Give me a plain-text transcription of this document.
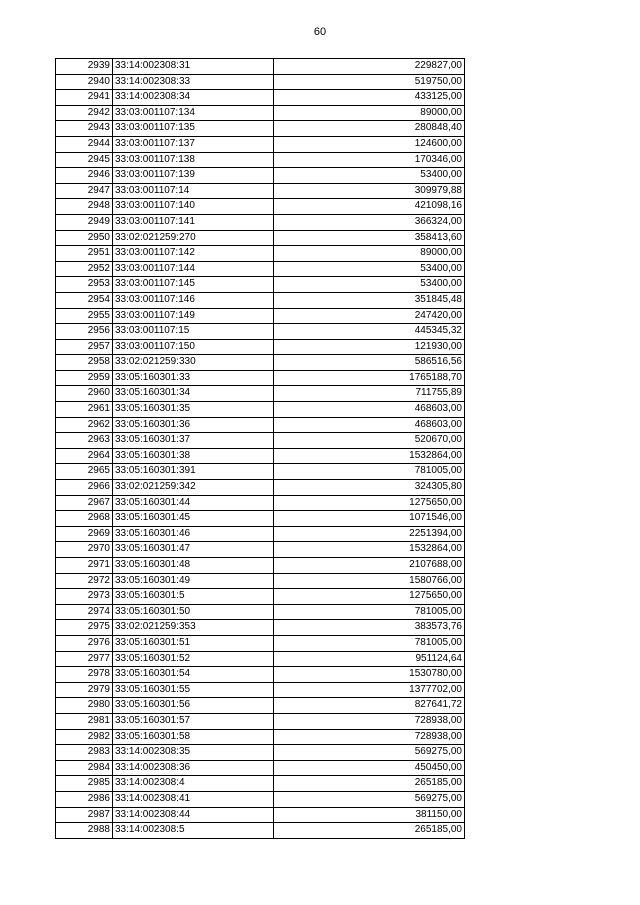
60
2939	33:14:002308:31	229827,00
2940	33:14:002308:33	519750,00
2941	33:14:002308:34	433125,00
2942	33:03:001107:134	89000,00
2943	33:03:001107:135	280848,40
2944	33:03:001107:137	124600,00
2945	33:03:001107:138	170346,00
2946	33:03:001107:139	53400,00
2947	33:03:001107:14	309979,88
2948	33:03:001107:140	421098,16
2949	33:03:001107:141	366324,00
2950	33:02:021259:270	358413,60
2951	33:03:001107:142	89000,00
2952	33:03:001107:144	53400,00
2953	33:03:001107:145	53400,00
2954	33:03:001107:146	351845,48
2955	33:03:001107:149	247420,00
2956	33:03:001107:15	445345,32
2957	33:03:001107:150	121930,00
2958	33:02:021259:330	586516,56
2959	33:05:160301:33	1765188,70
2960	33:05:160301:34	711755,89
2961	33:05:160301:35	468603,00
2962	33:05:160301:36	468603,00
2963	33:05:160301:37	520670,00
2964	33:05:160301:38	1532864,00
2965	33:05:160301:391	781005,00
2966	33:02:021259:342	324305,80
2967	33:05:160301:44	1275650,00
2968	33:05:160301:45	1071546,00
2969	33:05:160301:46	2251394,00
2970	33:05:160301:47	1532864,00
2971	33:05:160301:48	2107688,00
2972	33:05:160301:49	1580766,00
2973	33:05:160301:5	1275650,00
2974	33:05:160301:50	781005,00
2975	33:02:021259:353	383573,76
2976	33:05:160301:51	781005,00
2977	33:05:160301:52	951124,64
2978	33:05:160301:54	1530780,00
2979	33:05:160301:55	1377702,00
2980	33:05:160301:56	827641,72
2981	33:05:160301:57	728938,00
2982	33:05:160301:58	728938,00
2983	33:14:002308:35	569275,00
2984	33:14:002308:36	450450,00
2985	33:14:002308:4	265185,00
2986	33:14:002308:41	569275,00
2987	33:14:002308:44	381150,00
2988	33:14:002308:5	265185,00
